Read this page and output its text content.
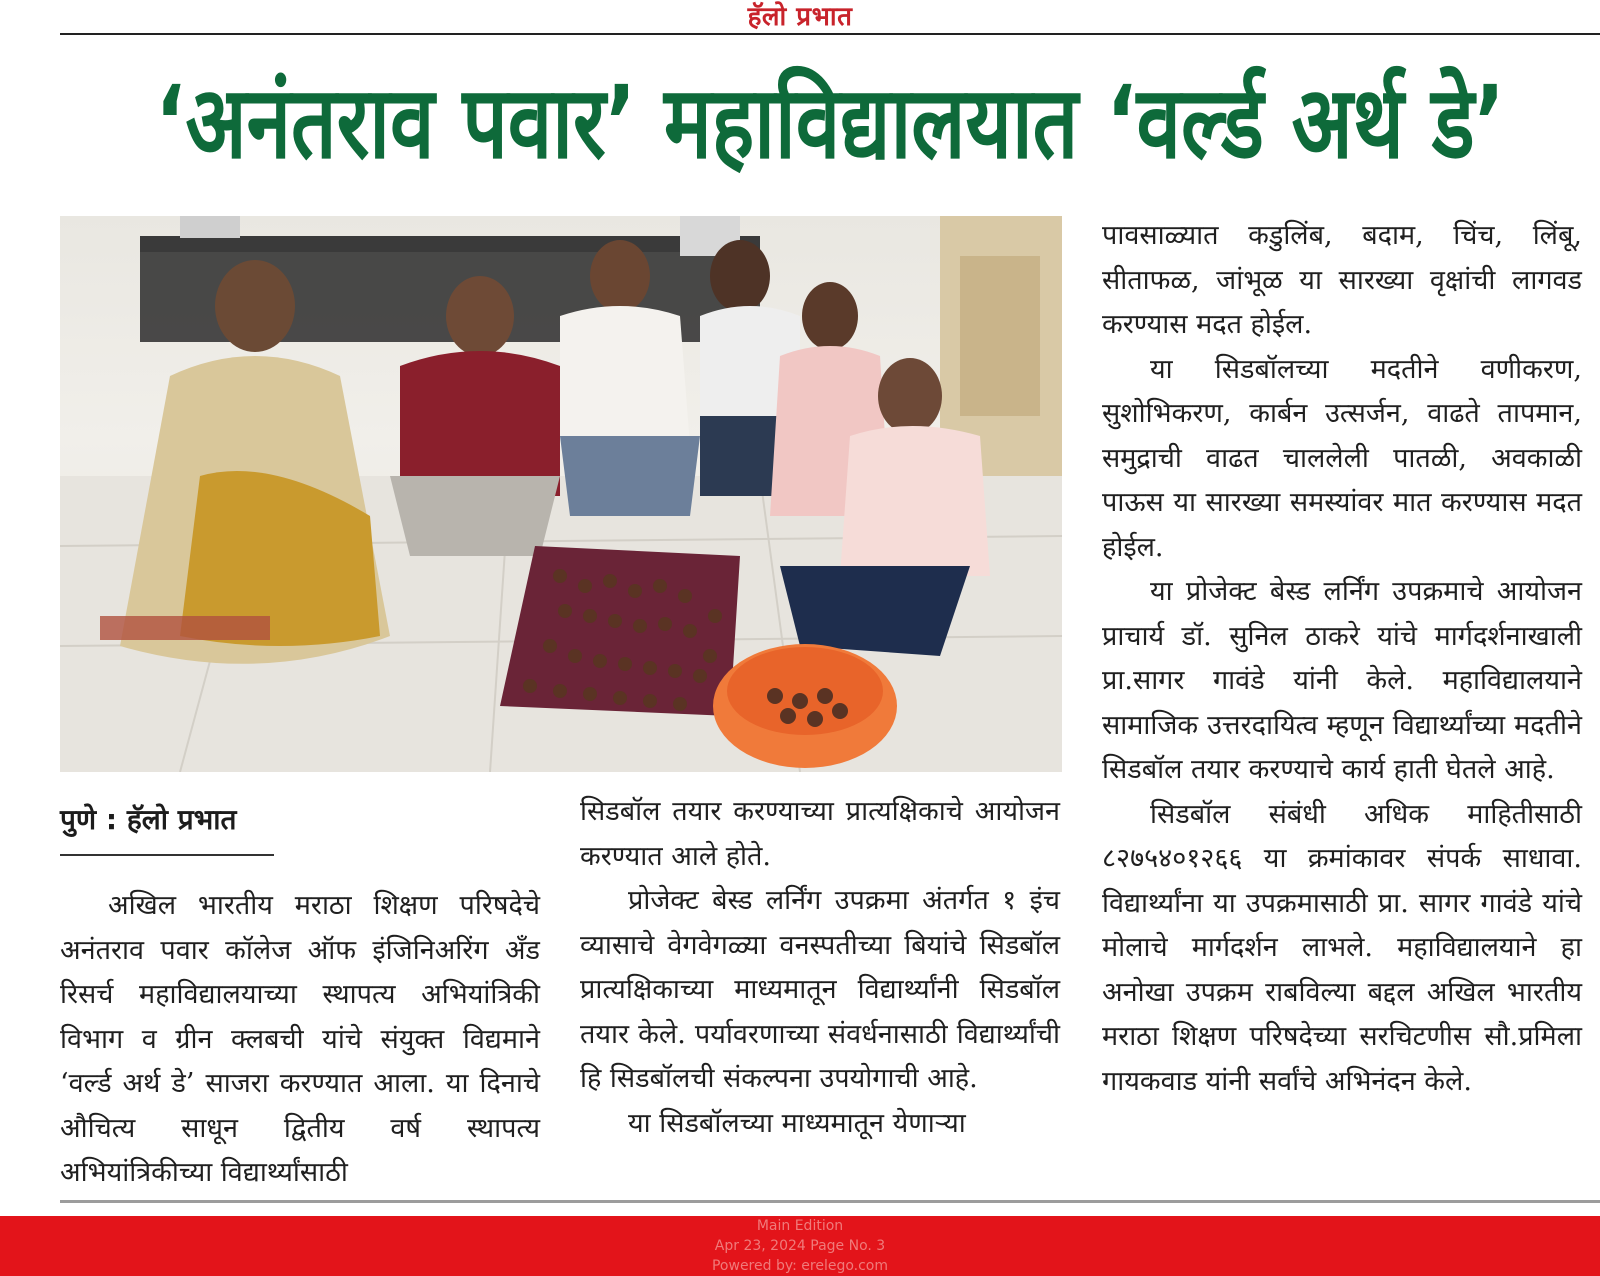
हॅलो प्रभात
‘अनंतराव पवार’ महाविद्यालयात ‘वर्ल्ड अर्थ डे’
पुणे : हॅलो प्रभात

अखिल भारतीय मराठा शिक्षण परिषदेचे अनंतराव पवार कॉलेज ऑफ इंजिनिअरिंग अँड रिसर्च महाविद्यालयाच्या स्थापत्य अभियांत्रिकी विभाग व ग्रीन क्लबची यांचे संयुक्त विद्यमाने ‘वर्ल्ड अर्थ डे’ साजरा करण्यात आला. या दिनाचे औचित्य साधून द्वितीय वर्ष स्थापत्य अभियांत्रिकीच्या विद्यार्थ्यांसाठी

सिडबॉल तयार करण्याच्या प्रात्यक्षिकाचे आयोजन करण्यात आले होते.

प्रोजेक्ट बेस्ड लर्निंग उपक्रमा अंतर्गत १ इंच व्यासाचे वेगवेगळ्या वनस्पतीच्या बियांचे सिडबॉल प्रात्यक्षिकाच्या माध्यमातून विद्यार्थ्यांनी सिडबॉल तयार केले. पर्यावरणाच्या संवर्धनासाठी विद्यार्थ्यांची हि सिडबॉलची संकल्पना उपयोगाची आहे.

या सिडबॉलच्या माध्यमातून येणाऱ्या

पावसाळ्यात कडुलिंब, बदाम, चिंच, लिंबू, सीताफळ, जांभूळ या सारख्या वृक्षांची लागवड करण्यास मदत होईल.

या सिडबॉलच्या मदतीने वणीकरण, सुशोभिकरण, कार्बन उत्सर्जन, वाढते तापमान, समुद्राची वाढत चाललेली पातळी, अवकाळी पाऊस या सारख्या समस्यांवर मात करण्यास मदत होईल.

या प्रोजेक्ट बेस्ड लर्निंग उपक्रमाचे आयोजन प्राचार्य डॉ. सुनिल ठाकरे यांचे मार्गदर्शनाखाली प्रा.सागर गावंडे यांनी केले. महाविद्यालयाने सामाजिक उत्तरदायित्व म्हणून विद्यार्थ्यांच्या मदतीने सिडबॉल तयार करण्याचे कार्य हाती घेतले आहे.

सिडबॉल संबंधी अधिक माहितीसाठी ८२७५४०१२६६ या क्रमांकावर संपर्क साधावा. विद्यार्थ्यांना या उपक्रमासाठी प्रा. सागर गावंडे यांचे मोलाचे मार्गदर्शन लाभले. महाविद्यालयाने हा अनोखा उपक्रम राबविल्या बद्दल अखिल भारतीय मराठा शिक्षण परिषदेच्या सरचिटणीस सौ.प्रमिला गायकवाड यांनी सर्वांचे अभिनंदन केले.

Main Edition
Apr 23, 2024 Page No. 3
Powered by: erelego.com
